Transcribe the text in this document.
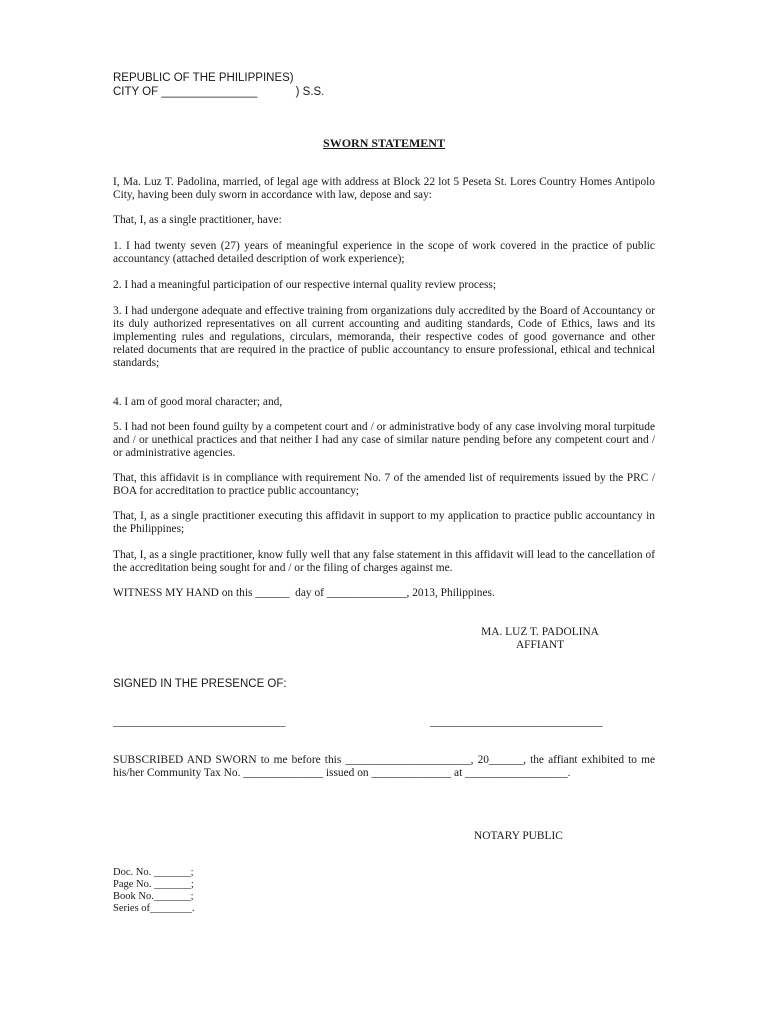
REPUBLIC OF THE PHILIPPINES)
CITY OF _______________            ) S.S.
SWORN STATEMENT

I, Ma. Luz T. Padolina, married, of legal age with address at Block 22 lot 5 Peseta St. Lores Country Homes Antipolo City, having been duly sworn in accordance with law, depose and say:

That, I, as a single practitioner, have:

1. I had twenty seven (27) years of meaningful experience in the scope of work covered in the practice of public accountancy (attached detailed description of work experience);

2. I had a meaningful participation of our respective internal quality review process;

3. I had undergone adequate and effective training from organizations duly accredited by the Board of Accountancy or its duly authorized representatives on all current accounting and auditing standards, Code of Ethics, laws and its implementing rules and regulations, circulars, memoranda, their respective codes of good governance and other related documents that are required in the practice of public accountancy to ensure professional, ethical and technical standards;

4. I am of good moral character; and,

5. I had not been found guilty by a competent court and / or administrative body of any case involving moral turpitude and / or unethical practices and that neither I had any case of similar nature pending before any competent court and / or administrative agencies.

That, this affidavit is in compliance with requirement No. 7 of the amended list of requirements issued by the PRC / BOA for accreditation to practice public accountancy;

That, I, as a single practitioner executing this affidavit in support to my application to practice public accountancy in the Philippines;

That, I, as a single practitioner, know fully well that any false statement in this affidavit will lead to the cancellation of the accreditation being sought for and / or the filing of charges against me.

WITNESS MY HAND on this ______  day of ______________, 2013, Philippines.

MA. LUZ T. PADOLINA
AFFIANT
SIGNED IN THE PRESENCE OF:
______________________________	______________________________

SUBSCRIBED AND SWORN to me before this ______________________, 20______, the affiant exhibited to me his/her Community Tax No. ______________ issued on ______________ at __________________.

NOTARY PUBLIC
Doc. No. _______;
Page No. _______;
Book No._______;
Series of________.
